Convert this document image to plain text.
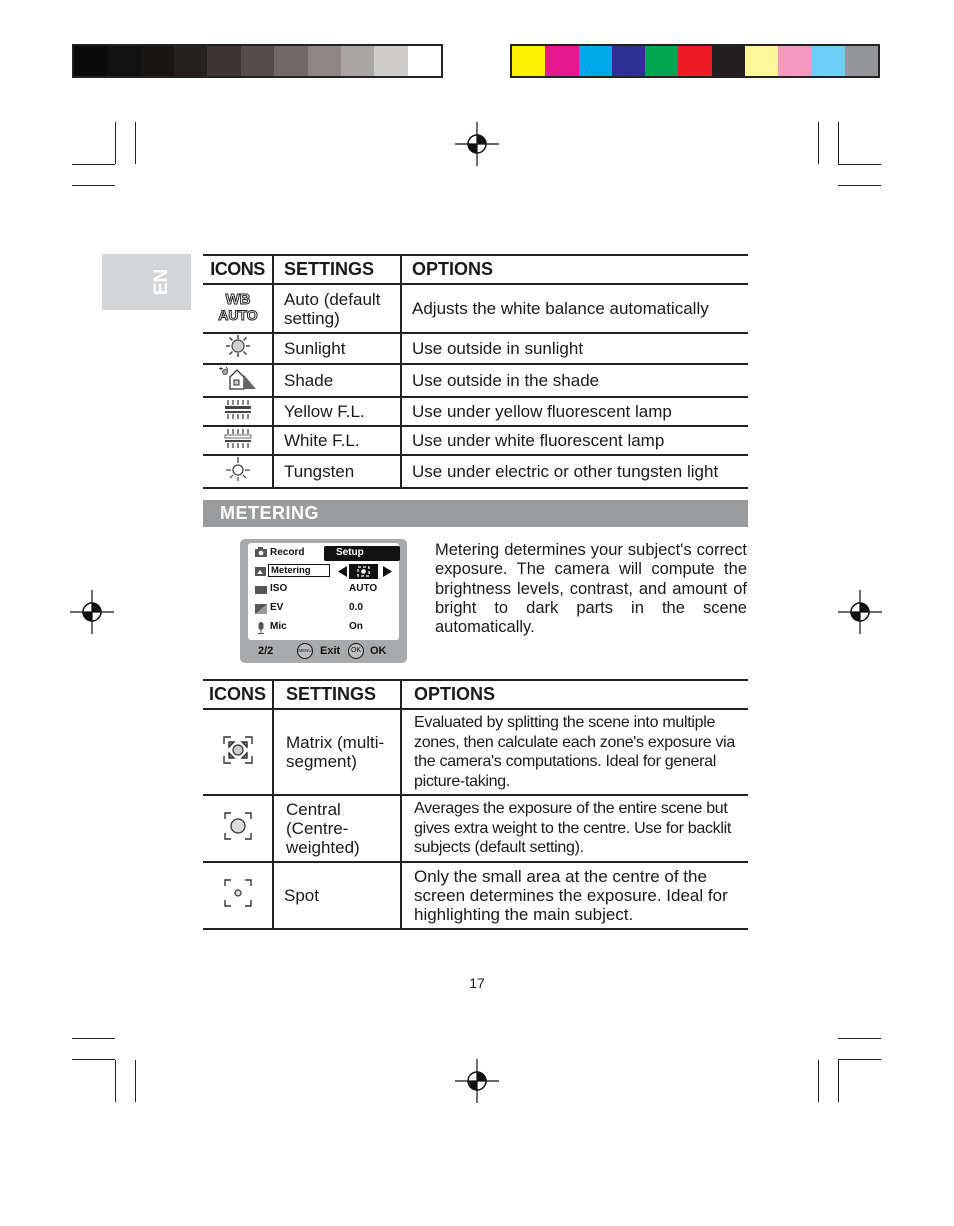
EN ICONS	SETTINGS	OPTIONS

WB
AUTO	Auto (default setting)	Adjusts the white balance automatically
	Sunlight	Use outside in sunlight
	Shade	Use outside in the shade
	Yellow F.L.	Use under yellow fluorescent lamp
	White F.L.	Use under white fluorescent lamp
	Tungsten	Use under electric or other tungsten light
METERING
Record	Setup
Metering
ISO	AUTO
EV	0.0
Mic	On
2/2	MENU Exit OK OK
Metering determines your subject's correct exposure. The camera will compute the brightness levels, contrast, and amount of bright to dark parts in the scene automatically.
ICONS	SETTINGS	OPTIONS
	Matrix (multi-segment)	Evaluated by splitting the scene into multiple zones, then calculate each zone's exposure via the camera's computations. Ideal for general picture-taking.
	Central (Centre-weighted)	Averages the exposure of the entire scene but gives extra weight to the centre. Use for backlit subjects (default setting).
	Spot	Only the small area at the centre of the screen determines the exposure. Ideal for highlighting the main subject.
17
